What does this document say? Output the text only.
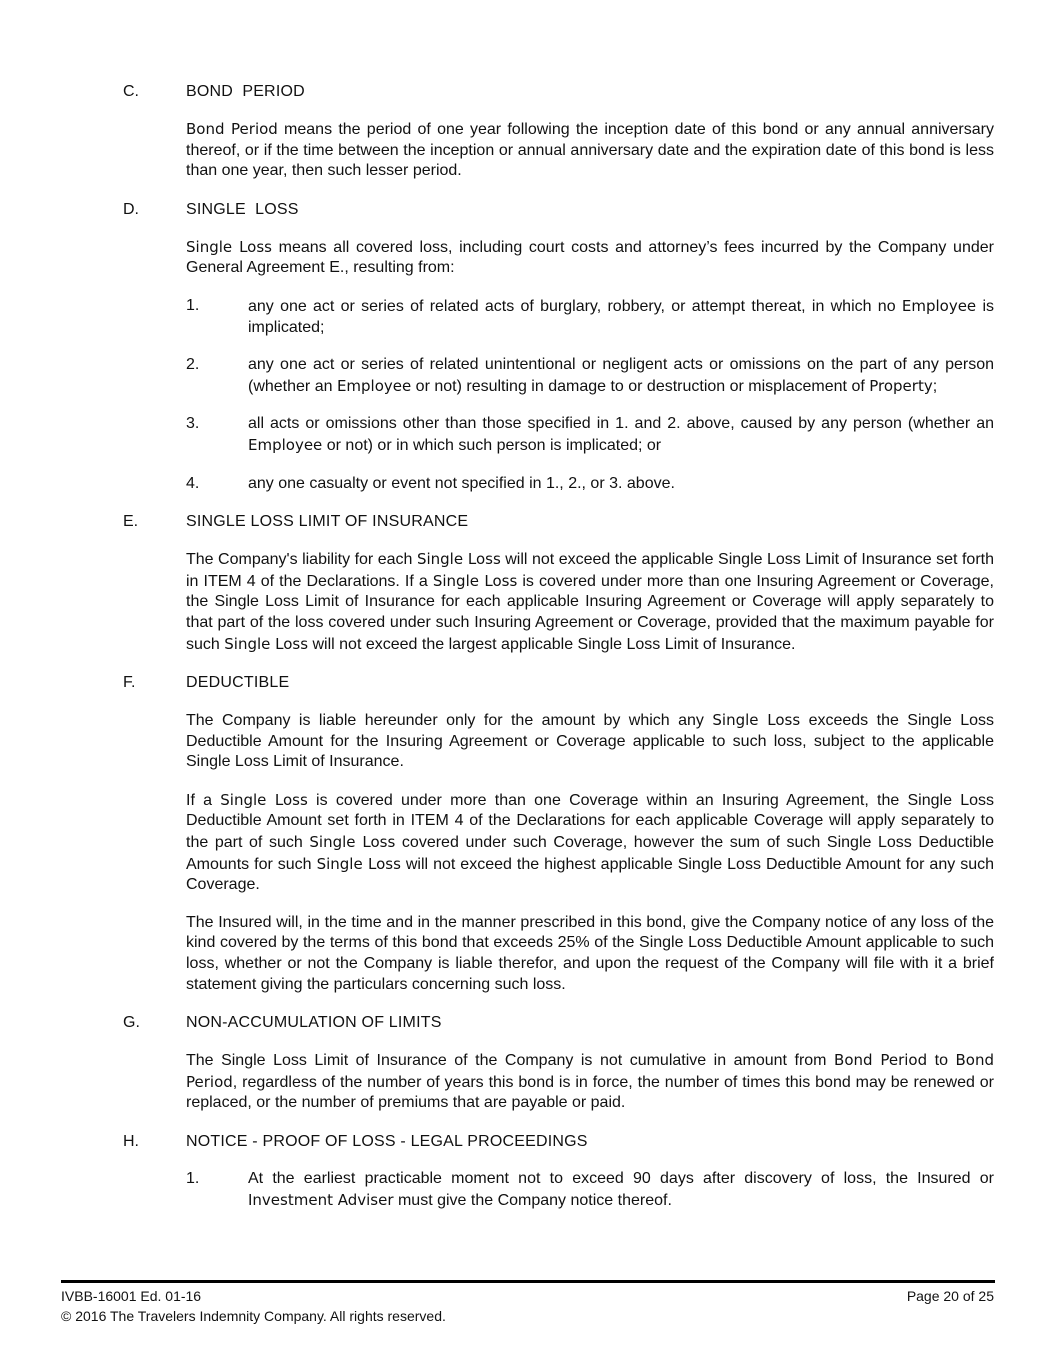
C.	BOND  PERIOD
Bond Period means the period of one year following the inception date of this bond or any annual anniversary thereof, or if the time between the inception or annual anniversary date and the expiration date of this bond is less than one year, then such lesser period.
D.	SINGLE  LOSS
Single Loss means all covered loss, including court costs and attorney’s fees incurred by the Company under General Agreement E., resulting from:
1.	any one act or series of related acts of burglary, robbery, or attempt thereat, in which no Employee is implicated;
2.	any one act or series of related unintentional or negligent acts or omissions on the part of any person (whether an Employee or not) resulting in damage to or destruction or misplacement of Property;
3.	all acts or omissions other than those specified in 1. and 2. above, caused by any person (whether an Employee or not) or in which such person is implicated; or
4.	any one casualty or event not specified in 1., 2., or 3. above.
E.	SINGLE LOSS LIMIT OF INSURANCE
The Company's liability for each Single Loss will not exceed the applicable Single Loss Limit of Insurance set forth in ITEM 4 of the Declarations. If a Single Loss is covered under more than one Insuring Agreement or Coverage, the Single Loss Limit of Insurance for each applicable Insuring Agreement or Coverage will apply separately to that part of the loss covered under such Insuring Agreement or Coverage, provided that the maximum payable for such Single Loss will not exceed the largest applicable Single Loss Limit of Insurance.
F.	DEDUCTIBLE
The Company is liable hereunder only for the amount by which any Single Loss exceeds the Single Loss Deductible Amount for the Insuring Agreement or Coverage applicable to such loss, subject to the applicable Single Loss Limit of Insurance.
If a Single Loss is covered under more than one Coverage within an Insuring Agreement, the Single Loss Deductible Amount set forth in ITEM 4 of the Declarations for each applicable Coverage will apply separately to the part of such Single Loss covered under such Coverage, however the sum of such Single Loss Deductible Amounts for such Single Loss will not exceed the highest applicable Single Loss Deductible Amount for any such Coverage.
The Insured will, in the time and in the manner prescribed in this bond, give the Company notice of any loss of the kind covered by the terms of this bond that exceeds 25% of the Single Loss Deductible Amount applicable to such loss, whether or not the Company is liable therefor, and upon the request of the Company will file with it a brief statement giving the particulars concerning such loss.
G.	NON-ACCUMULATION OF LIMITS
The Single Loss Limit of Insurance of the Company is not cumulative in amount from Bond Period to Bond Period, regardless of the number of years this bond is in force, the number of times this bond may be renewed or replaced, or the number of premiums that are payable or paid.
H.	NOTICE - PROOF OF LOSS - LEGAL PROCEEDINGS
1.	At the earliest practicable moment not to exceed 90 days after discovery of loss, the Insured or Investment Adviser must give the Company notice thereof.
IVBB-16001 Ed. 01-16
© 2016 The Travelers Indemnity Company. All rights reserved.
Page 20 of 25
